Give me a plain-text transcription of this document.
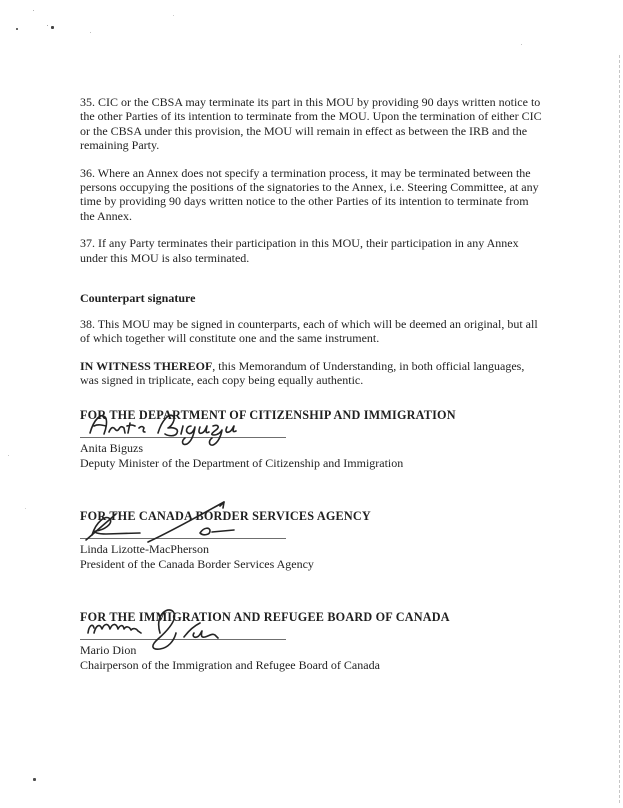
35. CIC or the CBSA may terminate its part in this MOU by providing 90 days written notice to the other Parties of its intention to terminate from the MOU. Upon the termination of either CIC or the CBSA under this provision, the MOU will remain in effect as between the IRB and the remaining Party.

36. Where an Annex does not specify a termination process, it may be terminated between the persons occupying the positions of the signatories to the Annex, i.e. Steering Committee, at any time by providing 90 days written notice to the other Parties of its intention to terminate from the Annex.

37. If any Party terminates their participation in this MOU, their participation in any Annex under this MOU is also terminated.

Counterpart signature

38. This MOU may be signed in counterparts, each of which will be deemed an original, but all of which together will constitute one and the same instrument.

IN WITNESS THEREOF, this Memorandum of Understanding, in both official languages, was signed in triplicate, each copy being equally authentic.

FOR THE DEPARTMENT OF CITIZENSHIP AND IMMIGRATION
Anita Biguzs
Deputy Minister of the Department of Citizenship and Immigration
FOR THE CANADA BORDER SERVICES AGENCY
Linda Lizotte-MacPherson
President of the Canada Border Services Agency
FOR THE IMMIGRATION AND REFUGEE BOARD OF CANADA
Mario Dion
Chairperson of the Immigration and Refugee Board of Canada
